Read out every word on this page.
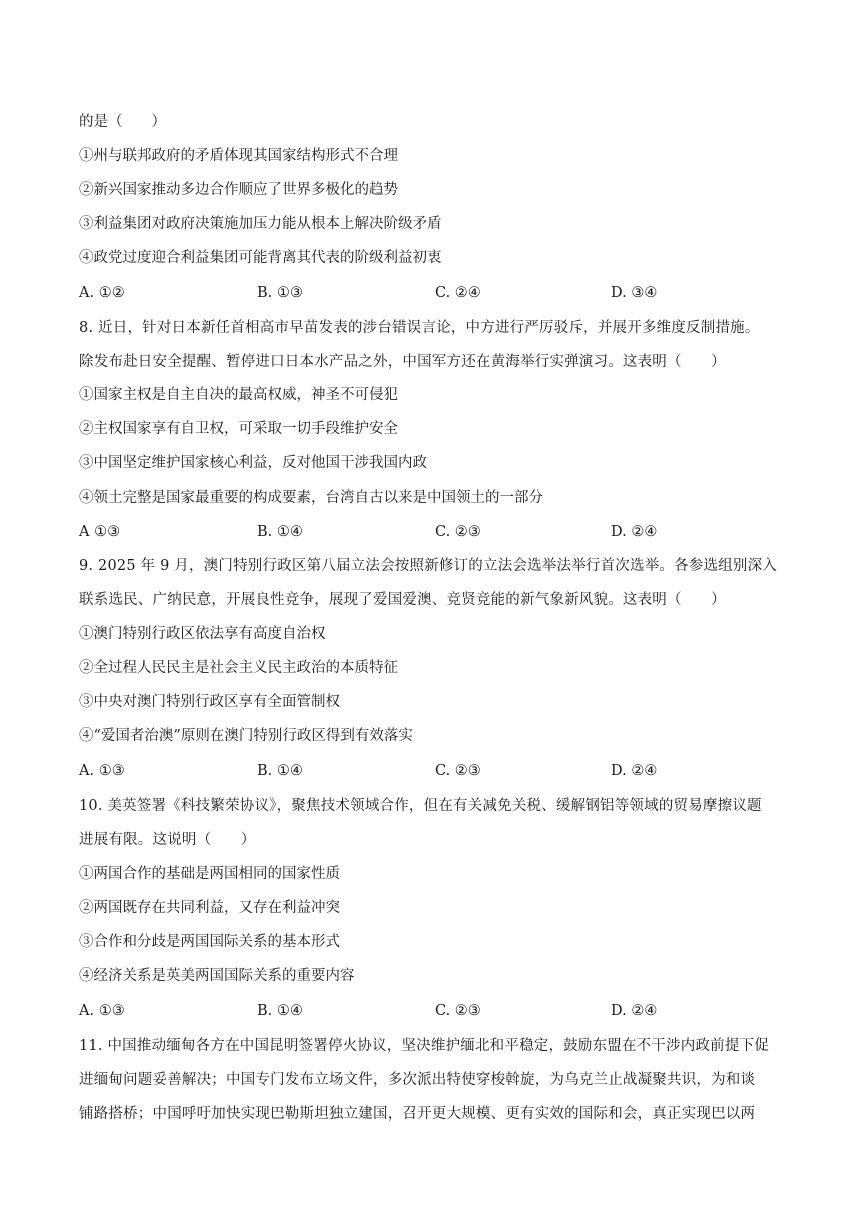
的是（　　）
①州与联邦政府的矛盾体现其国家结构形式不合理
②新兴国家推动多边合作顺应了世界多极化的趋势
③利益集团对政府决策施加压力能从根本上解决阶级矛盾
④政党过度迎合利益集团可能背离其代表的阶级利益初衷
A. ①②	B. ①③	C. ②④	D. ③④
8. 近日，针对日本新任首相高市早苗发表的涉台错误言论，中方进行严厉驳斥，并展开多维度反制措施。
除发布赴日安全提醒、暂停进口日本水产品之外，中国军方还在黄海举行实弹演习。这表明（　　）
①国家主权是自主自决的最高权威，神圣不可侵犯
②主权国家享有自卫权，可采取一切手段维护安全
③中国坚定维护国家核心利益，反对他国干涉我国内政
④领土完整是国家最重要的构成要素，台湾自古以来是中国领土的一部分
A ①③	B. ①④	C. ②③	D. ②④
9. 2025 年 9 月，澳门特别行政区第八届立法会按照新修订的立法会选举法举行首次选举。各参选组别深入
联系选民、广纳民意，开展良性竞争，展现了爱国爱澳、竞贤竞能的新气象新风貌。这表明（　　）
①澳门特别行政区依法享有高度自治权
②全过程人民民主是社会主义民主政治的本质特征
③中央对澳门特别行政区享有全面管制权
④“爱国者治澳”原则在澳门特别行政区得到有效落实
A. ①③	B. ①④	C. ②③	D. ②④
10. 美英签署《科技繁荣协议》，聚焦技术领域合作，但在有关减免关税、缓解钢铝等领域的贸易摩擦议题
进展有限。这说明（　　）
①两国合作的基础是两国相同的国家性质
②两国既存在共同利益，又存在利益冲突
③合作和分歧是两国国际关系的基本形式
④经济关系是英美两国国际关系的重要内容
A. ①③	B. ①④	C. ②③	D. ②④
11. 中国推动缅甸各方在中国昆明签署停火协议，坚决维护缅北和平稳定，鼓励东盟在不干涉内政前提下促
进缅甸问题妥善解决；中国专门发布立场文件，多次派出特使穿梭斡旋，为乌克兰止战凝聚共识，为和谈
铺路搭桥；中国呼吁加快实现巴勒斯坦独立建国，召开更大规模、更有实效的国际和会，真正实现巴以两
